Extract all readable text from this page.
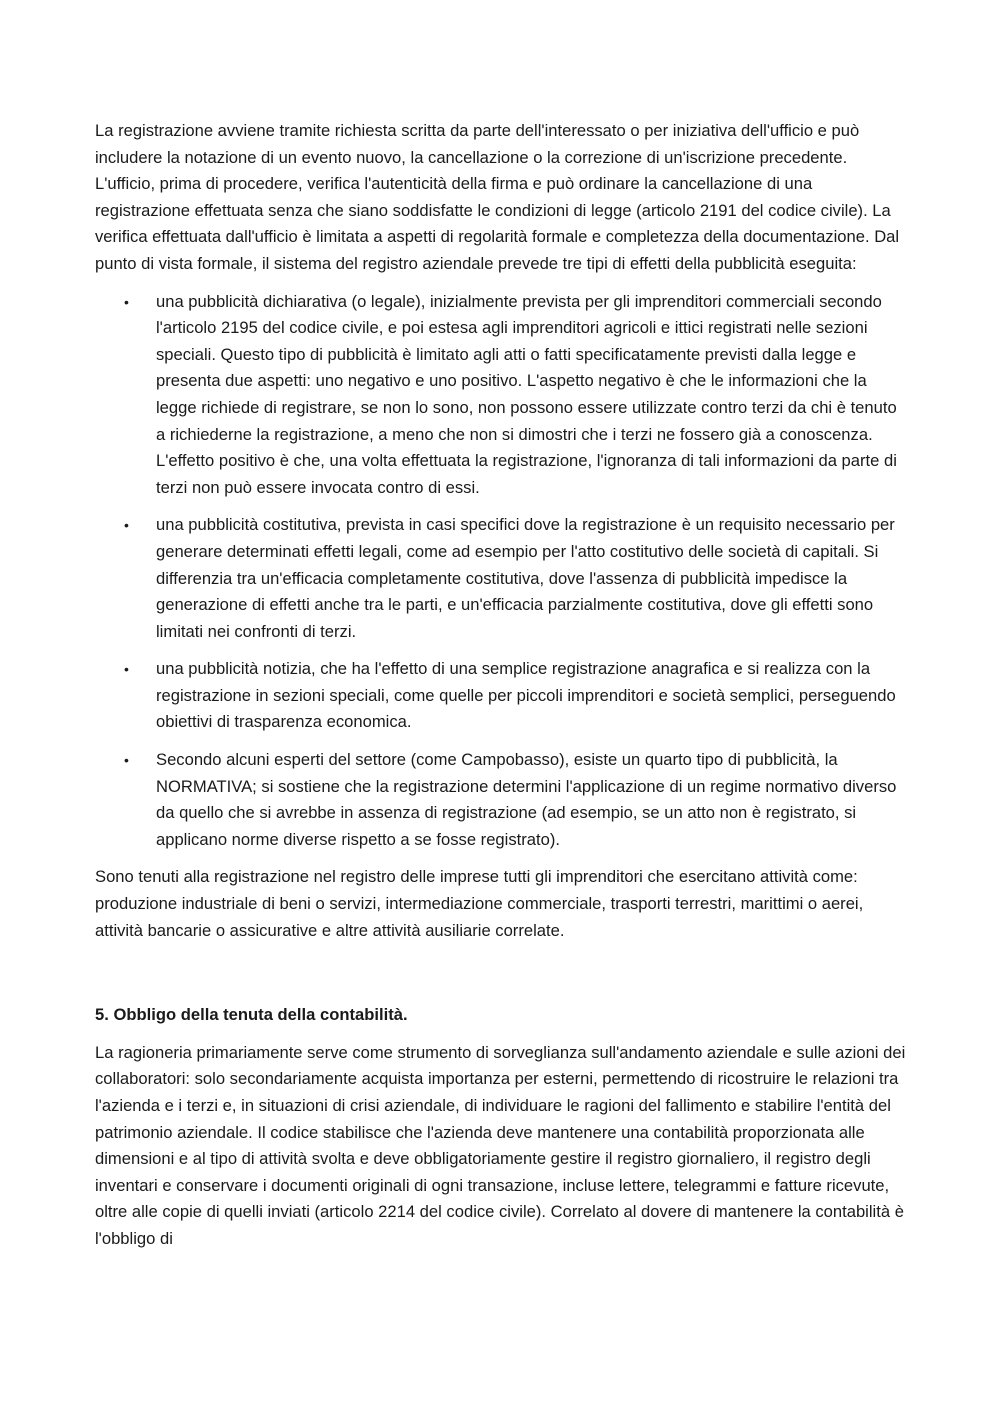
La registrazione avviene tramite richiesta scritta da parte dell'interessato o per iniziativa dell'ufficio e può includere la notazione di un evento nuovo, la cancellazione o la correzione di un'iscrizione precedente. L'ufficio, prima di procedere, verifica l'autenticità della firma e può ordinare la cancellazione di una registrazione effettuata senza che siano soddisfatte le condizioni di legge (articolo 2191 del codice civile). La verifica effettuata dall'ufficio è limitata a aspetti di regolarità formale e completezza della documentazione. Dal punto di vista formale, il sistema del registro aziendale prevede tre tipi di effetti della pubblicità eseguita:

• una pubblicità dichiarativa (o legale), inizialmente prevista per gli imprenditori commerciali secondo l'articolo 2195 del codice civile, e poi estesa agli imprenditori agricoli e ittici registrati nelle sezioni speciali. Questo tipo di pubblicità è limitato agli atti o fatti specificatamente previsti dalla legge e presenta due aspetti: uno negativo e uno positivo. L'aspetto negativo è che le informazioni che la legge richiede di registrare, se non lo sono, non possono essere utilizzate contro terzi da chi è tenuto a richiederne la registrazione, a meno che non si dimostri che i terzi ne fossero già a conoscenza. L'effetto positivo è che, una volta effettuata la registrazione, l'ignoranza di tali informazioni da parte di terzi non può essere invocata contro di essi.
• una pubblicità costitutiva, prevista in casi specifici dove la registrazione è un requisito necessario per generare determinati effetti legali, come ad esempio per l'atto costitutivo delle società di capitali. Si differenzia tra un'efficacia completamente costitutiva, dove l'assenza di pubblicità impedisce la generazione di effetti anche tra le parti, e un'efficacia parzialmente costitutiva, dove gli effetti sono limitati nei confronti di terzi.
• una pubblicità notizia, che ha l'effetto di una semplice registrazione anagrafica e si realizza con la registrazione in sezioni speciali, come quelle per piccoli imprenditori e società semplici, perseguendo obiettivi di trasparenza economica.
• Secondo alcuni esperti del settore (come Campobasso), esiste un quarto tipo di pubblicità, la NORMATIVA; si sostiene che la registrazione determini l'applicazione di un regime normativo diverso da quello che si avrebbe in assenza di registrazione (ad esempio, se un atto non è registrato, si applicano norme diverse rispetto a se fosse registrato).

Sono tenuti alla registrazione nel registro delle imprese tutti gli imprenditori che esercitano attività come: produzione industriale di beni o servizi, intermediazione commerciale, trasporti terrestri, marittimi o aerei, attività bancarie o assicurative e altre attività ausiliarie correlate.

5. Obbligo della tenuta della contabilità.

La ragioneria primariamente serve come strumento di sorveglianza sull'andamento aziendale e sulle azioni dei collaboratori: solo secondariamente acquista importanza per esterni, permettendo di ricostruire le relazioni tra l'azienda e i terzi e, in situazioni di crisi aziendale, di individuare le ragioni del fallimento e stabilire l'entità del patrimonio aziendale. Il codice stabilisce che l'azienda deve mantenere una contabilità proporzionata alle dimensioni e al tipo di attività svolta e deve obbligatoriamente gestire il registro giornaliero, il registro degli inventari e conservare i documenti originali di ogni transazione, incluse lettere, telegrammi e fatture ricevute, oltre alle copie di quelli inviati (articolo 2214 del codice civile). Correlato al dovere di mantenere la contabilità è l'obbligo di
